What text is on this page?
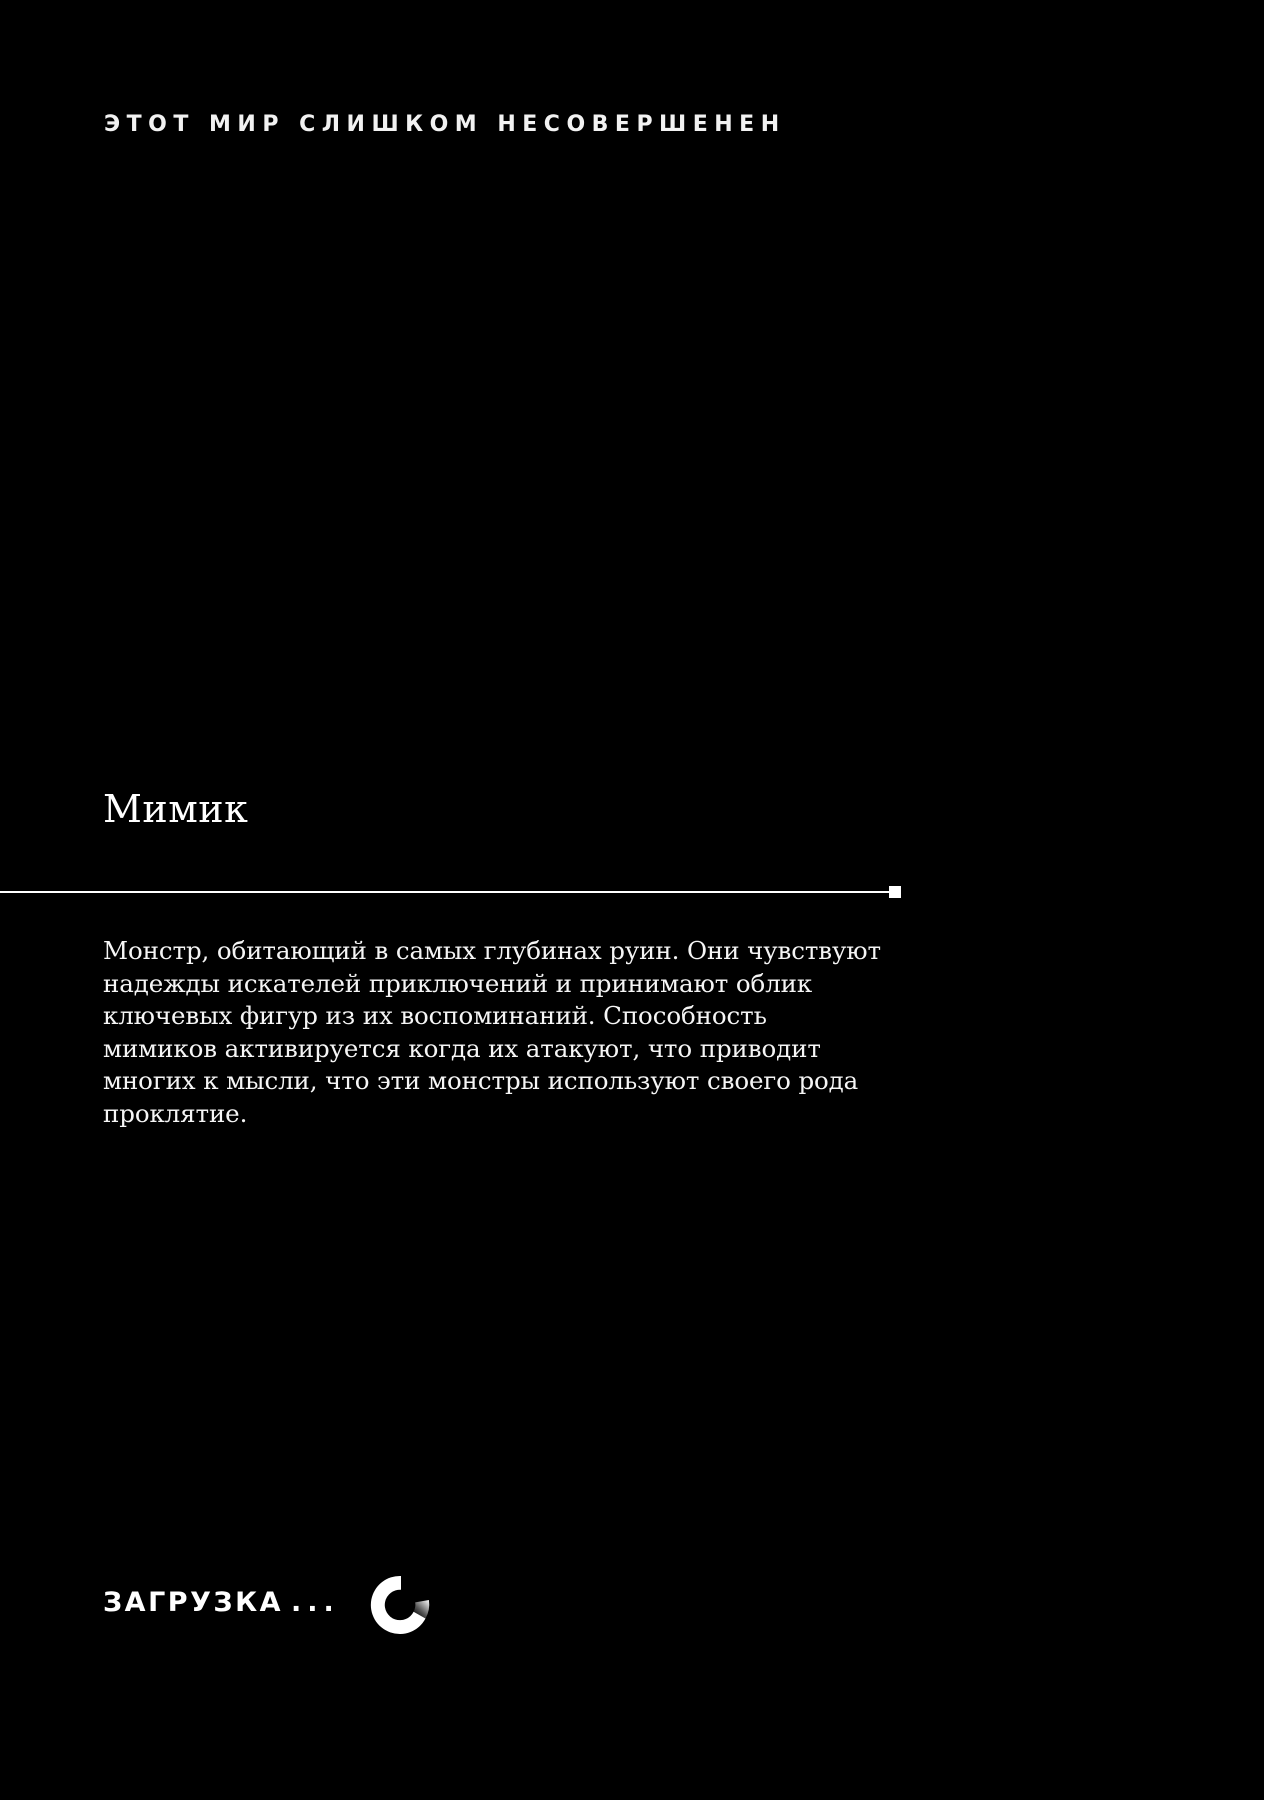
ЭТОТ МИР СЛИШКОМ НЕСОВЕРШЕНЕН
Мимик
Монстр, обитающий в самых глубинах руин. Они чувствуют надежды искателей приключений и принимают облик ключевых фигур из их воспоминаний. Способность мимиков активируется когда их атакуют, что приводит многих к мысли, что эти монстры используют своего рода проклятие.
ЗАГРУЗКА ...
